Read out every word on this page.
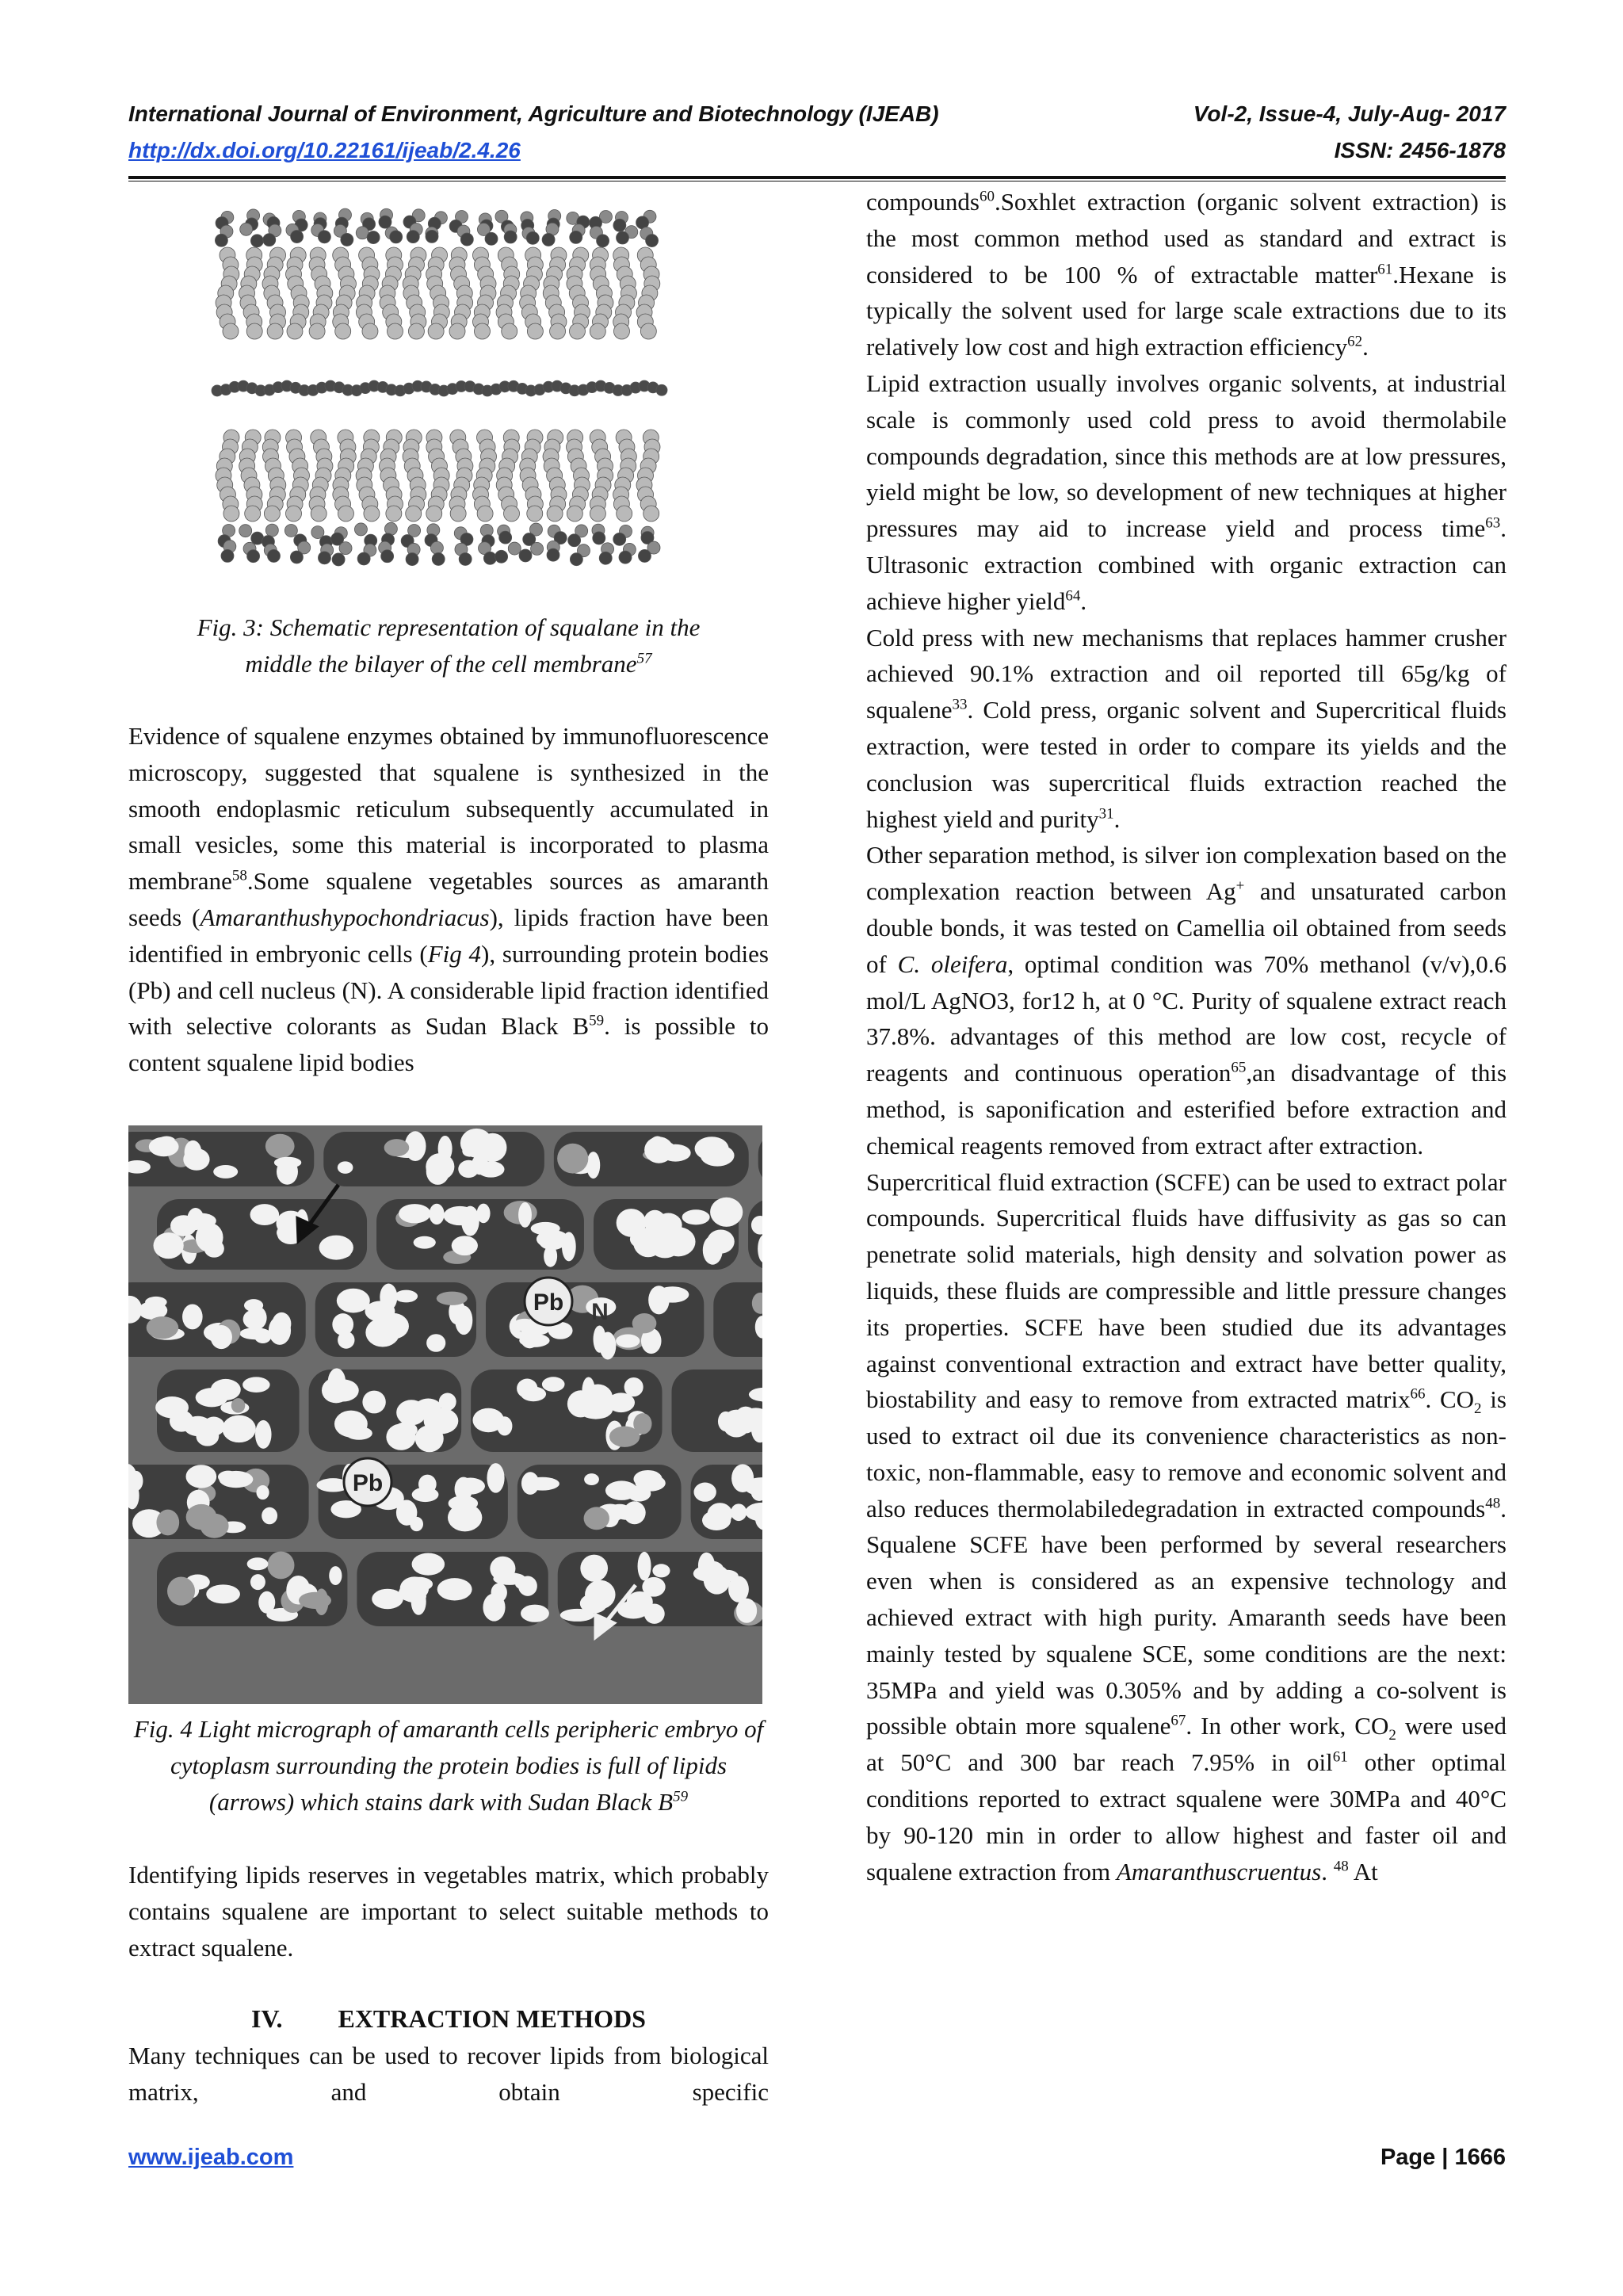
International Journal of Environment, Agriculture and Biotechnology (IJEAB)	Vol-2, Issue-4, July-Aug- 2017
http://dx.doi.org/10.22161/ijeab/2.4.26	ISSN: 2456-1878
Fig. 3: Schematic representation of squalane in the
middle the bilayer of the cell membrane$^{57}$

Evidence of squalene enzymes obtained by immunofluorescence microscopy, suggested that squalene is synthesized in the smooth endoplasmic reticulum subsequently accumulated in small vesicles, some this material is incorporated to plasma membrane$^{58}$.Some squalene vegetables sources as amaranth seeds (Amaranthushypochondriacus), lipids fraction have been identified in embryonic cells (Fig 4), surrounding protein bodies (Pb) and cell nucleus (N). A considerable lipid fraction identified with selective colorants as Sudan Black $B^{59}$. is possible to content squalene lipid bodies

Pb N
Pb
Fig. 4 Light micrograph of amaranth cells peripheric embryo of cytoplasm surrounding the protein bodies is full of lipids (arrows) which stains dark with Sudan Black $B^{59}$

Identifying lipids reserves in vegetables matrix, which probably contains squalene are important to select suitable methods to extract squalene.

IV. EXTRACTION METHODS

Many techniques can be used to recover lipids from biological matrix, and obtain specific

compounds$^{60}$.Soxhlet extraction (organic solvent extraction) is the most common method used as standard and extract is considered to be 100 % of extractable matter$^{61}$.Hexane is typically the solvent used for large scale extractions due to its relatively low cost and high extraction efficiency$^{62}$.

Lipid extraction usually involves organic solvents, at industrial scale is commonly used cold press to avoid thermolabile compounds degradation, since this methods are at low pressures, yield might be low, so development of new techniques at higher pressures may aid to increase yield and process time$^{63}$. Ultrasonic extraction combined with organic extraction can achieve higher yield$^{64}$.

Cold press with new mechanisms that replaces hammer crusher achieved 90.1% extraction and oil reported till 65g/kg of squalene$^{33}$. Cold press, organic solvent and Supercritical fluids extraction, were tested in order to compare its yields and the conclusion was supercritical fluids extraction reached the highest yield and purity$^{31}$.

Other separation method, is silver ion complexation based on the complexation reaction between Ag+ and unsaturated carbon double bonds, it was tested on Camellia oil obtained from seeds of C. oleifera, optimal condition was 70% methanol (v/v),0.6 mol/L AgNO3, for12 h, at 0 °C. Purity of squalene extract reach 37.8%. advantages of this method are low cost, recycle of reagents and continuous operation$^{65}$,an disadvantage of this method, is saponification and esterified before extraction and chemical reagents removed from extract after extraction.

Supercritical fluid extraction (SCFE) can be used to extract polar compounds. Supercritical fluids have diffusivity as gas so can penetrate solid materials, high density and solvation power as liquids, these fluids are compressible and little pressure changes its properties. SCFE have been studied due its advantages against conventional extraction and extract have better quality, biostability and easy to remove from extracted matrix$^{66}$. $CO_2$ is used to extract oil due its convenience characteristics as non-toxic, non-flammable, easy to remove and economic solvent and also reduces thermolabiledegradation in extracted compounds$^{48}$. Squalene SCFE have been performed by several researchers even when is considered as an expensive technology and achieved extract with high purity. Amaranth seeds have been mainly tested by squalene SCE, some conditions are the next: 35MPa and yield was 0.305% and by adding a co-solvent is possible obtain more squalene$^{67}$. In other work, $CO_2$ were used at 50°C and 300 bar reach 7.95% in oil$^{61}$ other optimal conditions reported to extract squalene were 30MPa and 40°C by 90-120 min in order to allow highest and faster oil and squalene extraction from Amaranthuscruentus. $^{48}$ At

www.ijeab.com	Page | 1666
